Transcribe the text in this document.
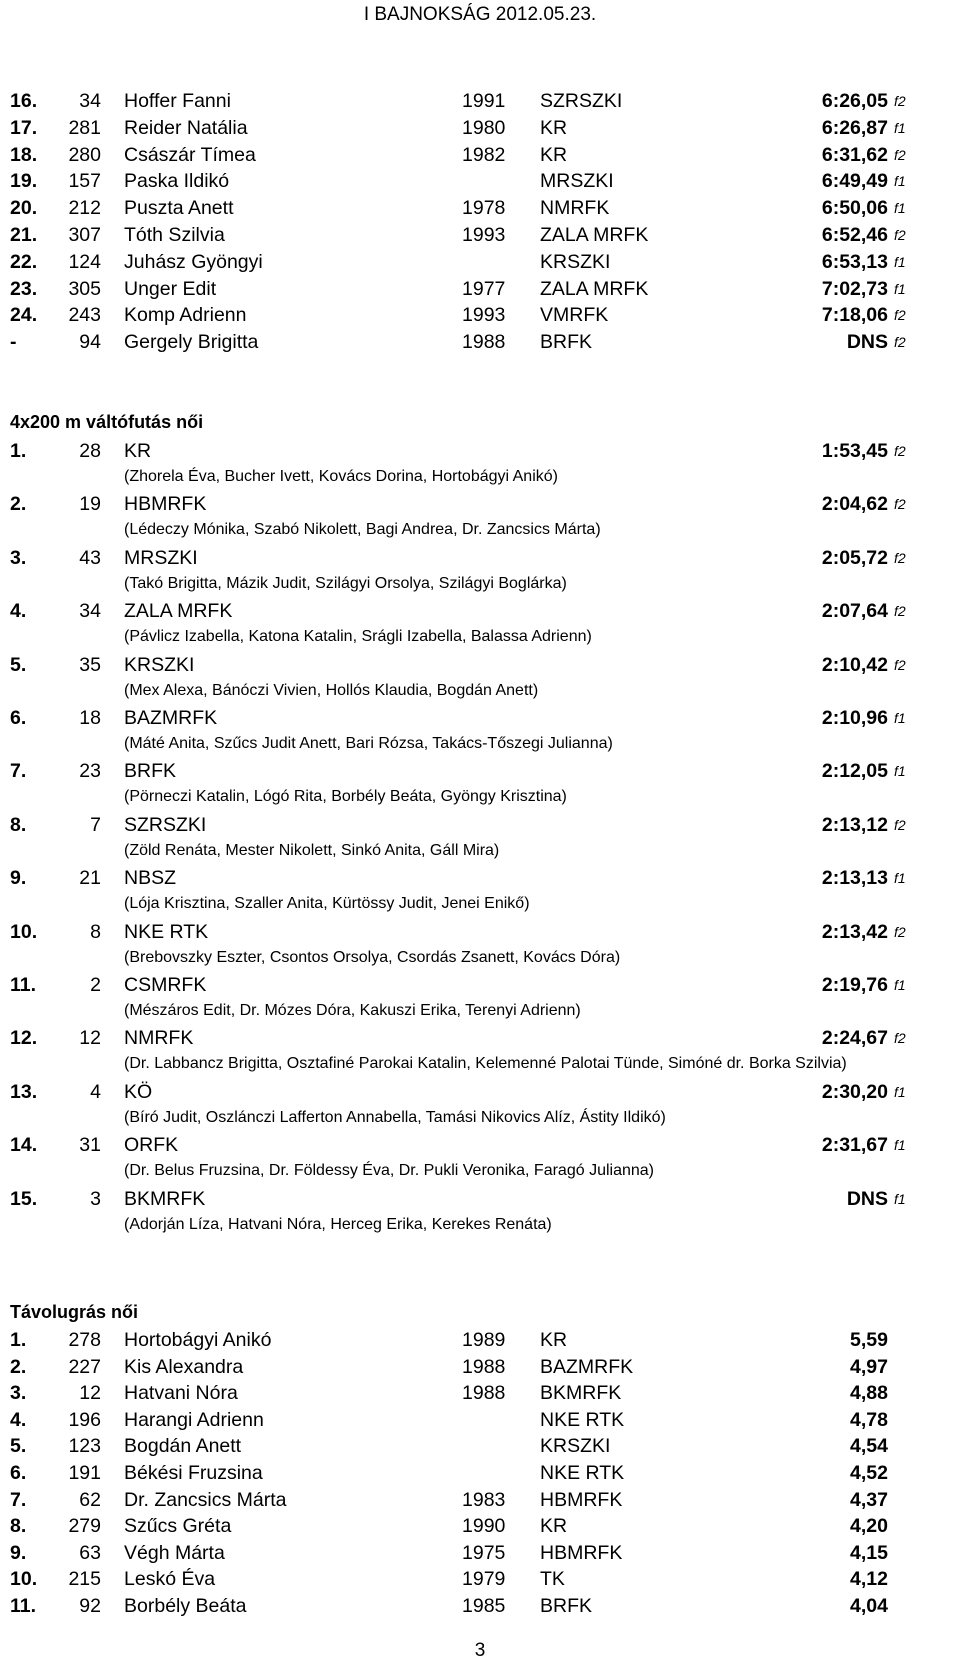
I BAJNOKSÁG 2012.05.23.
16. 34 Hoffer Fanni	1991 SZRSZKI	6:26,05 f2
17. 281 Reider Natália	1980 KR	6:26,87 f1
18. 280 Császár Tímea	1982 KR	6:31,62 f2
19. 157 Paska Ildikó	MRSZKI	6:49,49 f1
20. 212 Puszta Anett	1978 NMRFK	6:50,06 f1
21. 307 Tóth Szilvia	1993 ZALA MRFK	6:52,46 f2
22. 124 Juhász Gyöngyi	KRSZKI	6:53,13 f1
23. 305 Unger Edit	1977 ZALA MRFK	7:02,73 f1
24. 243 Komp Adrienn	1993 VMRFK	7:18,06 f2
-	94 Gergely Brigitta	1988 BRFK	DNS f2
4x200 m váltófutás női
1.	28 KR	1:53,45 f2
(Zhorela Éva, Bucher Ivett, Kovács Dorina, Hortobágyi Anikó)
2.	19 HBMRFK	2:04,62 f2
(Lédeczy Mónika, Szabó Nikolett, Bagi Andrea, Dr. Zancsics Márta)
3.	43 MRSZKI	2:05,72 f2
(Takó Brigitta, Mázik Judit, Szilágyi Orsolya, Szilágyi Boglárka)
4.	34 ZALA MRFK	2:07,64 f2
(Pávlicz Izabella, Katona Katalin, Srágli Izabella, Balassa Adrienn)
5.	35 KRSZKI	2:10,42 f2
(Mex Alexa, Bánóczi Vivien, Hollós Klaudia, Bogdán Anett)
6.	18 BAZMRFK	2:10,96 f1
(Máté Anita, Szűcs Judit Anett, Bari Rózsa, Takács-Tőszegi Julianna)
7.	23 BRFK	2:12,05 f1
(Pörneczi Katalin, Lógó Rita, Borbély Beáta, Gyöngy Krisztina)
8.	7 SZRSZKI	2:13,12 f2
(Zöld Renáta, Mester Nikolett, Sinkó Anita, Gáll Mira)
9.	21 NBSZ	2:13,13 f1
(Lója Krisztina, Szaller Anita, Kürtössy Judit, Jenei Enikő)
10.	8 NKE RTK	2:13,42 f2
(Brebovszky Eszter, Csontos Orsolya, Csordás Zsanett, Kovács Dóra)
11.	2 CSMRFK	2:19,76 f1
(Mészáros Edit, Dr. Mózes Dóra, Kakuszi Erika, Terenyi Adrienn)
12. 12 NMRFK	2:24,67 f2
(Dr. Labbancz Brigitta, Osztafiné Parokai Katalin, Kelemenné Palotai Tünde, Simóné dr. Borka Szilvia)
13.	4 KÖ	2:30,20 f1
(Bíró Judit, Oszlánczi Lafferton Annabella, Tamási Nikovics Alíz, Ástity Ildikó)
14. 31 ORFK	2:31,67 f1
(Dr. Belus Fruzsina, Dr. Földessy Éva, Dr. Pukli Veronika, Faragó Julianna)
15.	3 BKMRFK	DNS f1
(Adorján Líza, Hatvani Nóra, Herceg Erika, Kerekes Renáta)
Távolugrás női
1. 278 Hortobágyi Anikó	1989 KR	5,59
2. 227 Kis Alexandra	1988 BAZMRFK	4,97
3.	12 Hatvani Nóra	1988 BKMRFK	4,88
4. 196 Harangi Adrienn	NKE RTK	4,78
5. 123 Bogdán Anett	KRSZKI	4,54
6. 191 Békési Fruzsina	NKE RTK	4,52
7.	62 Dr. Zancsics Márta	1983 HBMRFK	4,37
8. 279 Szűcs Gréta	1990 KR	4,20
9.	63 Végh Márta	1975 HBMRFK	4,15
10. 215 Leskó Éva	1979 TK	4,12
11. 92 Borbély Beáta	1985 BRFK	4,04
3
